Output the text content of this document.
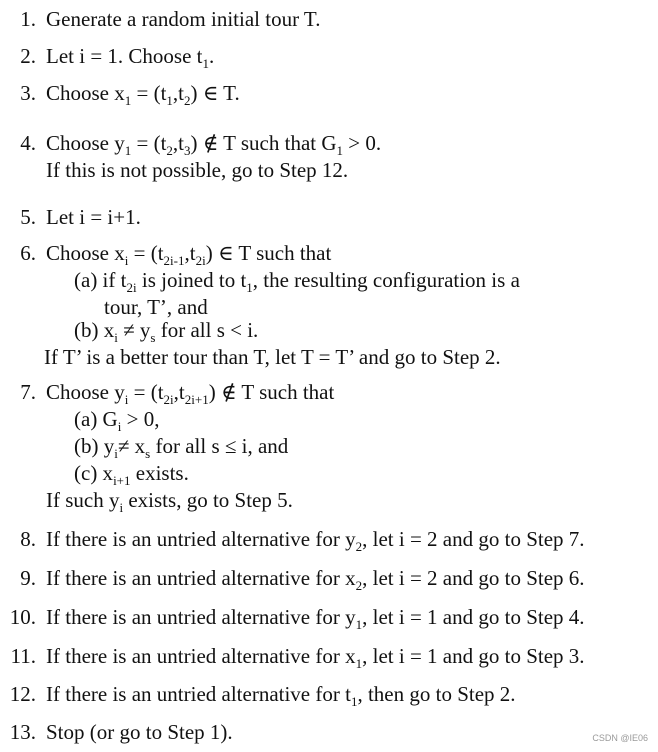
1. Generate a random initial tour T.
2. Let i = 1. Choose $t_1$.
3. Choose $x_1 = (t_1,t_2)$ ∈ T.
4. Choose $y_1 = (t_2,t_3)$ ∉ T such that $G_1 > 0$.
If this is not possible, go to Step 12.
5. Let i = i+1.
6. Choose $x_i = (t_{2i-1},t_{2i})$ ∈ T such that
(a) if $t_{2i}$ is joined to $t_1$, the resulting configuration is a
tour, T’, and
(b) $x_i \ne y_s$ for all s < i.
If T’ is a better tour than T, let T = T’ and go to Step 2.
7. Choose $y_i = (t_{2i},t_{2i+1})$ ∉ T such that
(a) $G_i > 0$,
(b) $y_i\ne x_s$ for all s ≤ i, and
(c) $x_{i+1}$ exists.
If such $y_i$ exists, go to Step 5.
8. If there is an untried alternative for $y_2$, let i = 2 and go to Step 7.
9. If there is an untried alternative for $x_2$, let i = 2 and go to Step 6.
10. If there is an untried alternative for $y_1$, let i = 1 and go to Step 4.
11. If there is an untried alternative for $x_1$, let i = 1 and go to Step 3.
12. If there is an untried alternative for $t_1$, then go to Step 2.
13. Stop (or go to Step 1).	CSDN @IE06
